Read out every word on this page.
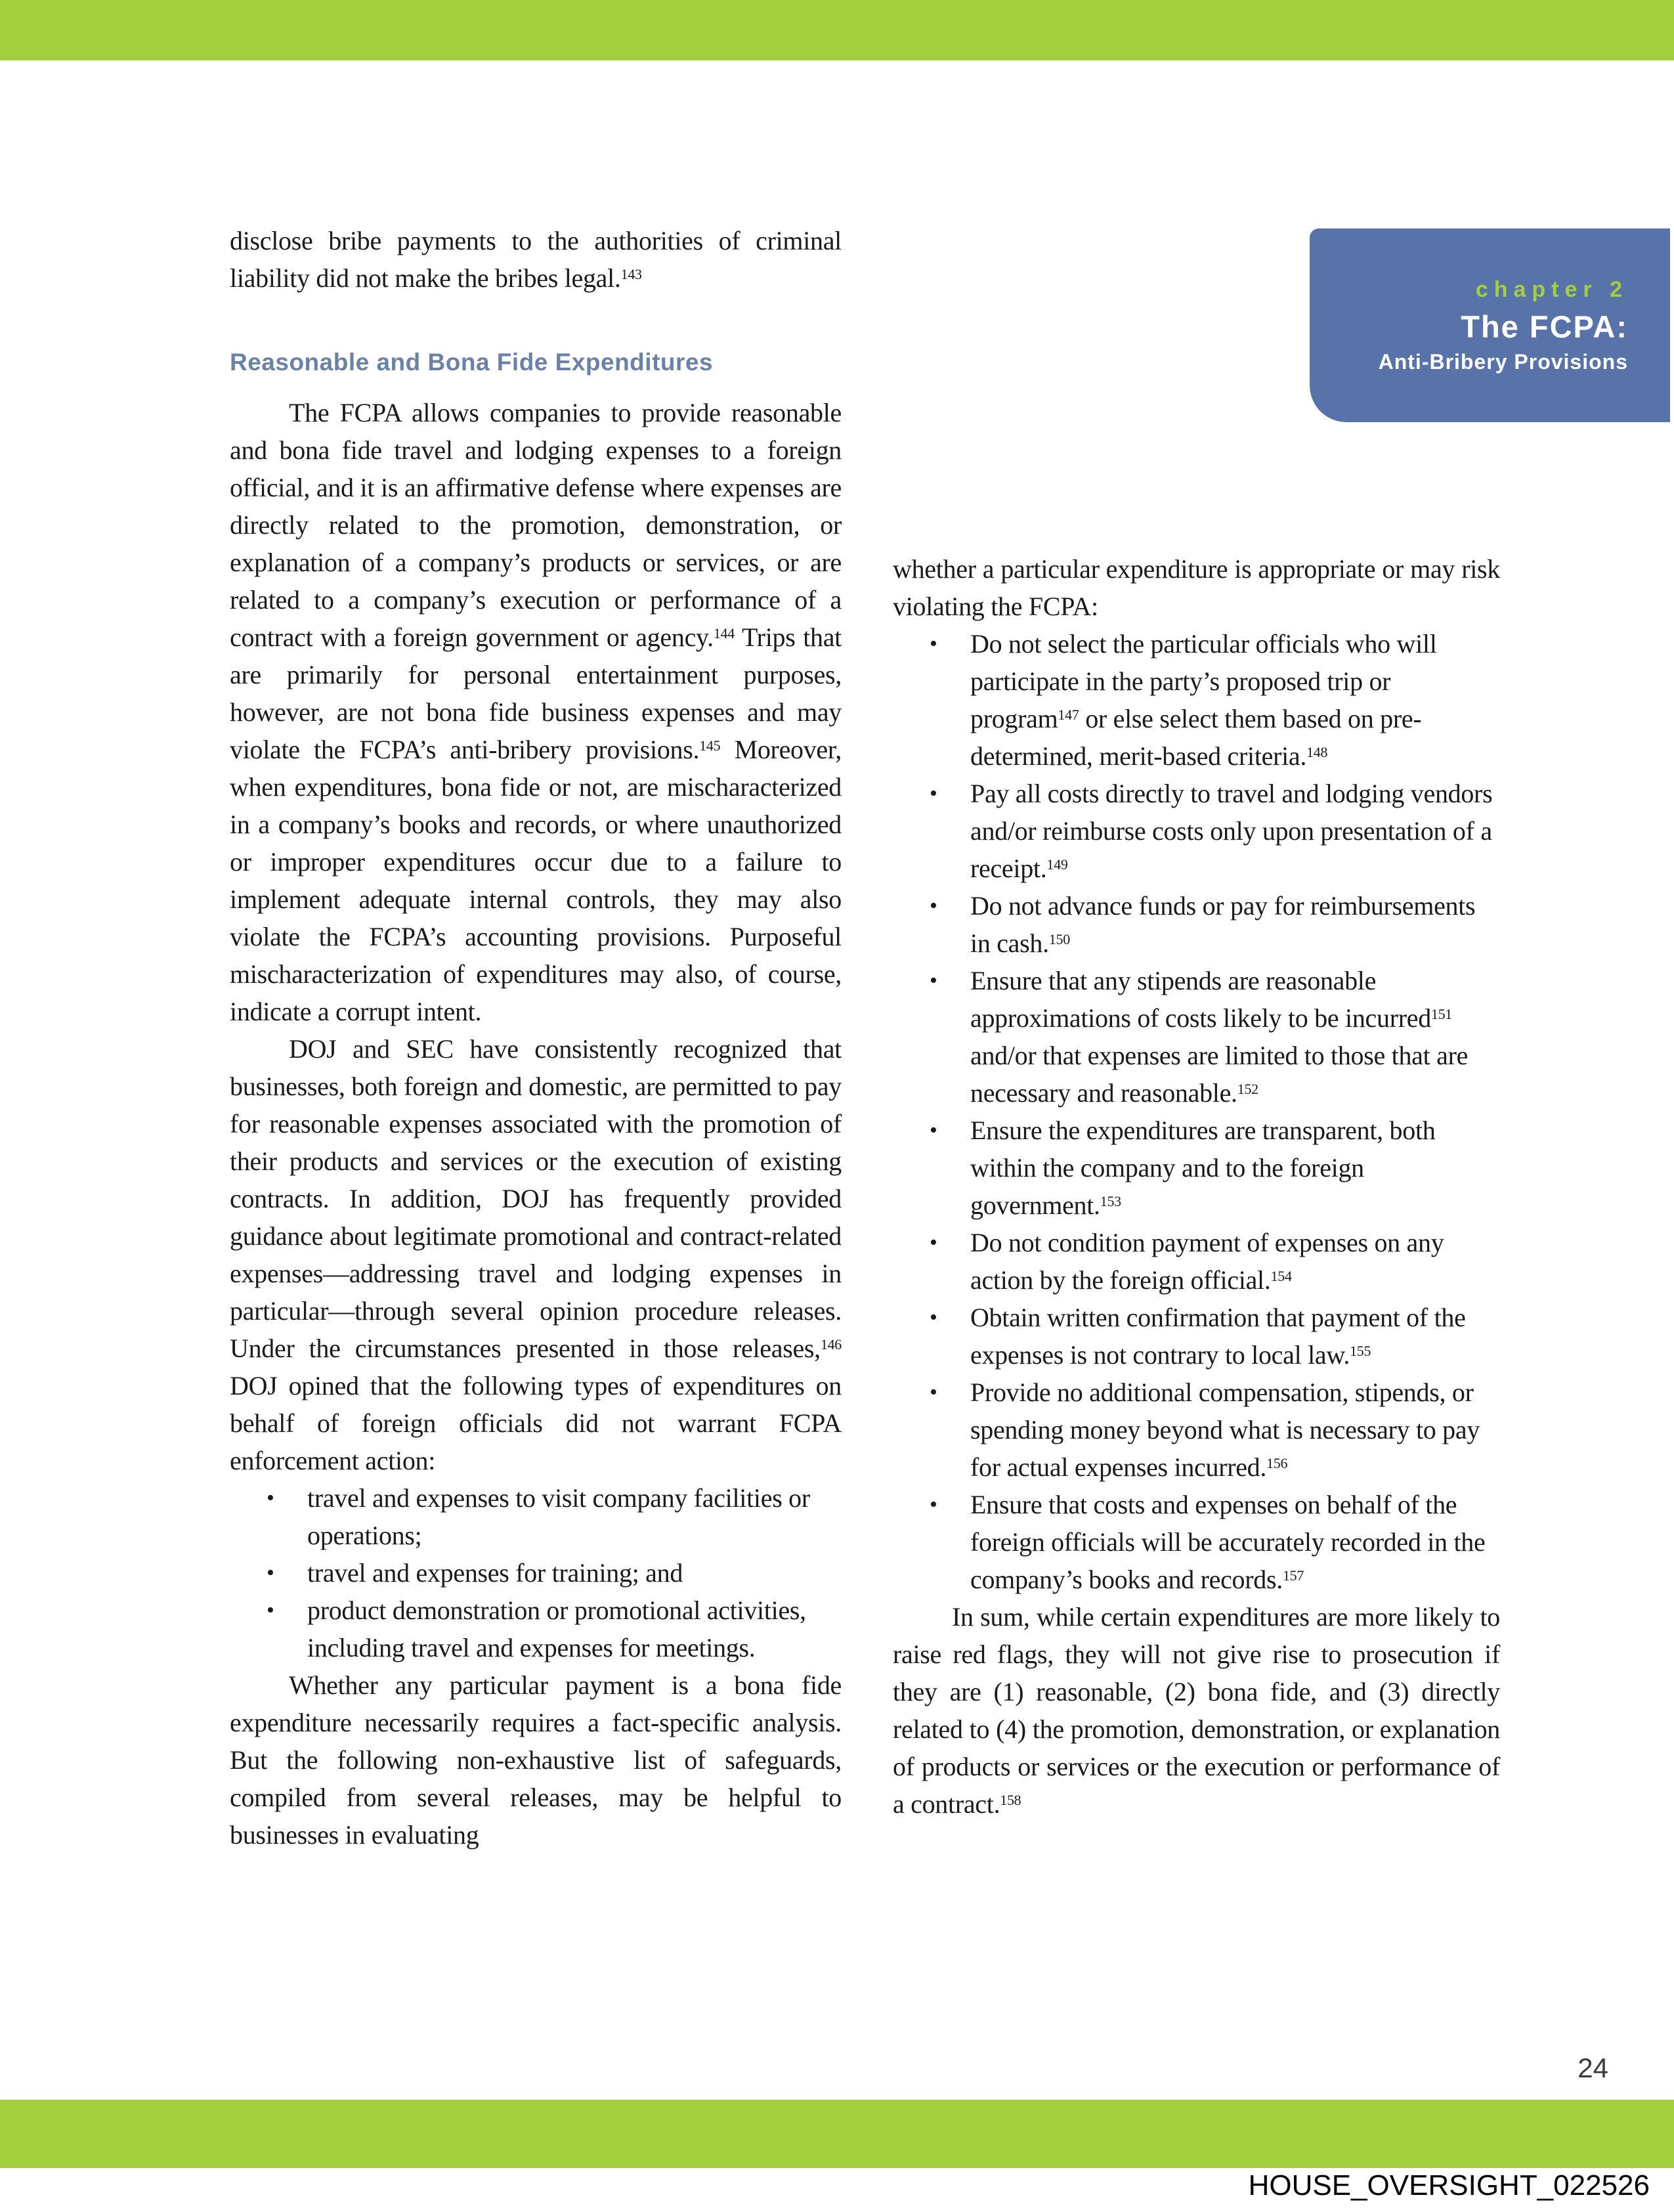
chapter 2
The FCPA:
Anti-Bribery Provisions

disclose bribe payments to the authorities of criminal liability did not make the bribes legal.$^{143}$

Reasonable and Bona Fide Expenditures

The FCPA allows companies to provide reasonable and bona fide travel and lodging expenses to a foreign official, and it is an affirmative defense where expenses are directly related to the promotion, demonstration, or explanation of a company’s products or services, or are related to a company’s execution or performance of a contract with a foreign government or agency.$^{144}$ Trips that are primarily for personal entertainment purposes, however, are not bona fide business expenses and may violate the FCPA’s anti-bribery provisions.$^{145}$ Moreover, when expenditures, bona fide or not, are mischaracterized in a company’s books and records, or where unauthorized or improper expenditures occur due to a failure to implement adequate internal controls, they may also violate the FCPA’s accounting provisions. Purposeful mischaracterization of expenditures may also, of course, indicate a corrupt intent.

DOJ and SEC have consistently recognized that businesses, both foreign and domestic, are permitted to pay for reasonable expenses associated with the promotion of their products and services or the execution of existing contracts. In addition, DOJ has frequently provided guidance about legitimate promotional and contract-related expenses—addressing travel and lodging expenses in particular—through several opinion procedure releases. Under the circumstances presented in those releases,$^{146}$ DOJ opined that the following types of expenditures on behalf of foreign officials did not warrant FCPA enforcement action:

• travel and expenses to visit company facilities or operations;
• travel and expenses for training; and
• product demonstration or promotional activities, including travel and expenses for meetings.

Whether any particular payment is a bona fide expenditure necessarily requires a fact-specific analysis. But the following non-exhaustive list of safeguards, compiled from several releases, may be helpful to businesses in evaluating

whether a particular expenditure is appropriate or may risk violating the FCPA:

• Do not select the particular officials who will participate in the party’s proposed trip or program$^{147}$ or else select them based on pre-determined, merit-based criteria.$^{148}$
• Pay all costs directly to travel and lodging vendors and/or reimburse costs only upon presentation of a receipt.$^{149}$
• Do not advance funds or pay for reimbursements in cash.$^{150}$
• Ensure that any stipends are reasonable approximations of costs likely to be incurred$^{151}$ and/or that expenses are limited to those that are necessary and reasonable.$^{152}$
• Ensure the expenditures are transparent, both within the company and to the foreign government.$^{153}$
• Do not condition payment of expenses on any action by the foreign official.$^{154}$
• Obtain written confirmation that payment of the expenses is not contrary to local law.$^{155}$
• Provide no additional compensation, stipends, or spending money beyond what is necessary to pay for actual expenses incurred.$^{156}$
• Ensure that costs and expenses on behalf of the foreign officials will be accurately recorded in the company’s books and records.$^{157}$

In sum, while certain expenditures are more likely to raise red flags, they will not give rise to prosecution if they are (1) reasonable, (2) bona fide, and (3) directly related to (4) the promotion, demonstration, or explanation of products or services or the execution or performance of a contract.$^{158}$

24
HOUSE_OVERSIGHT_022526
